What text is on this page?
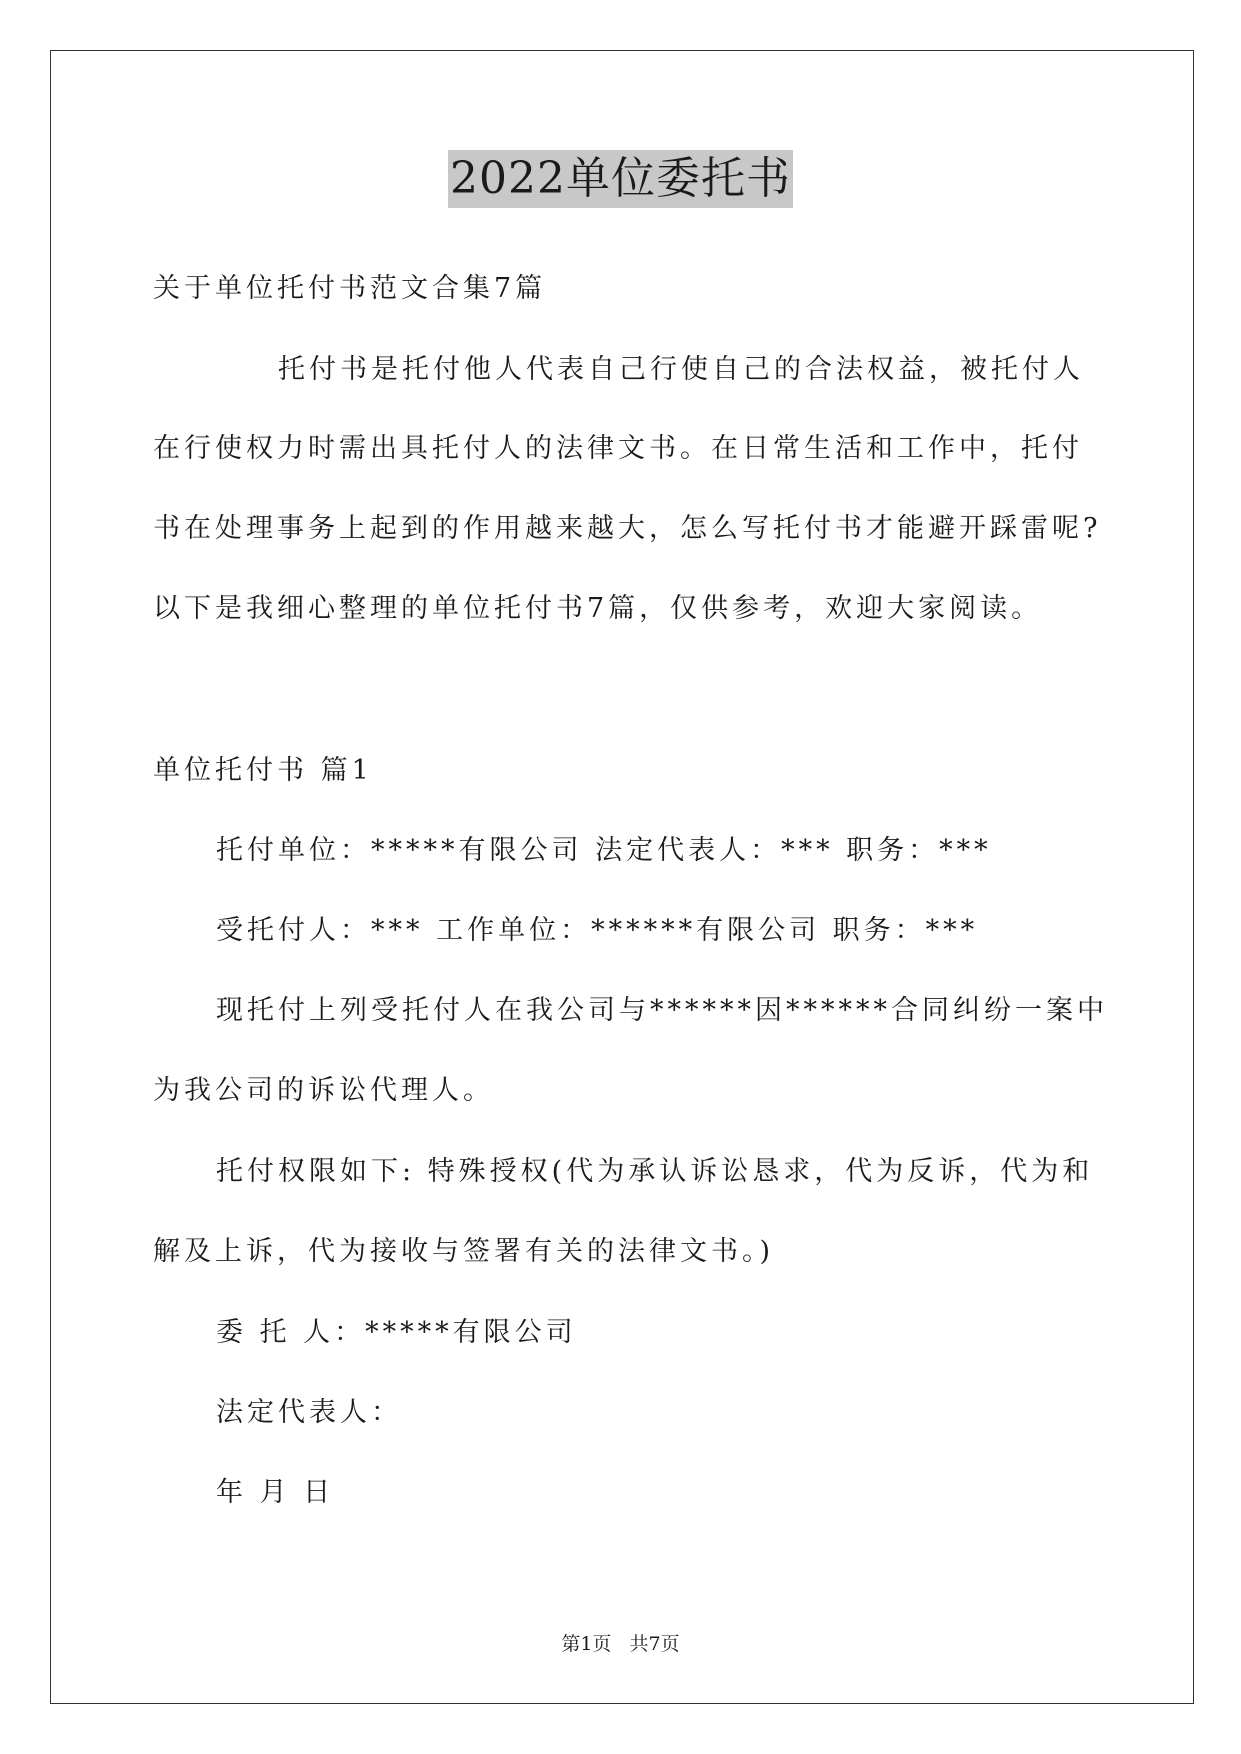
2022单位委托书
关于单位托付书范文合集7篇
托付书是托付他人代表自己行使自己的合法权益，被托付人
在行使权力时需出具托付人的法律文书。在日常生活和工作中，托付
书在处理事务上起到的作用越来越大，怎么写托付书才能避开踩雷呢?
以下是我细心整理的单位托付书7篇，仅供参考，欢迎大家阅读。
单位托付书 篇1
托付单位：*****有限公司 法定代表人：*** 职务：***
受托付人：*** 工作单位：******有限公司 职务：***
现托付上列受托付人在我公司与******因******合同纠纷一案中
为我公司的诉讼代理人。
托付权限如下: 特殊授权(代为承认诉讼恳求，代为反诉，代为和
解及上诉，代为接收与签署有关的法律文书。)
委 托 人：*****有限公司
法定代表人：
年 月 日
第1页   共7页
